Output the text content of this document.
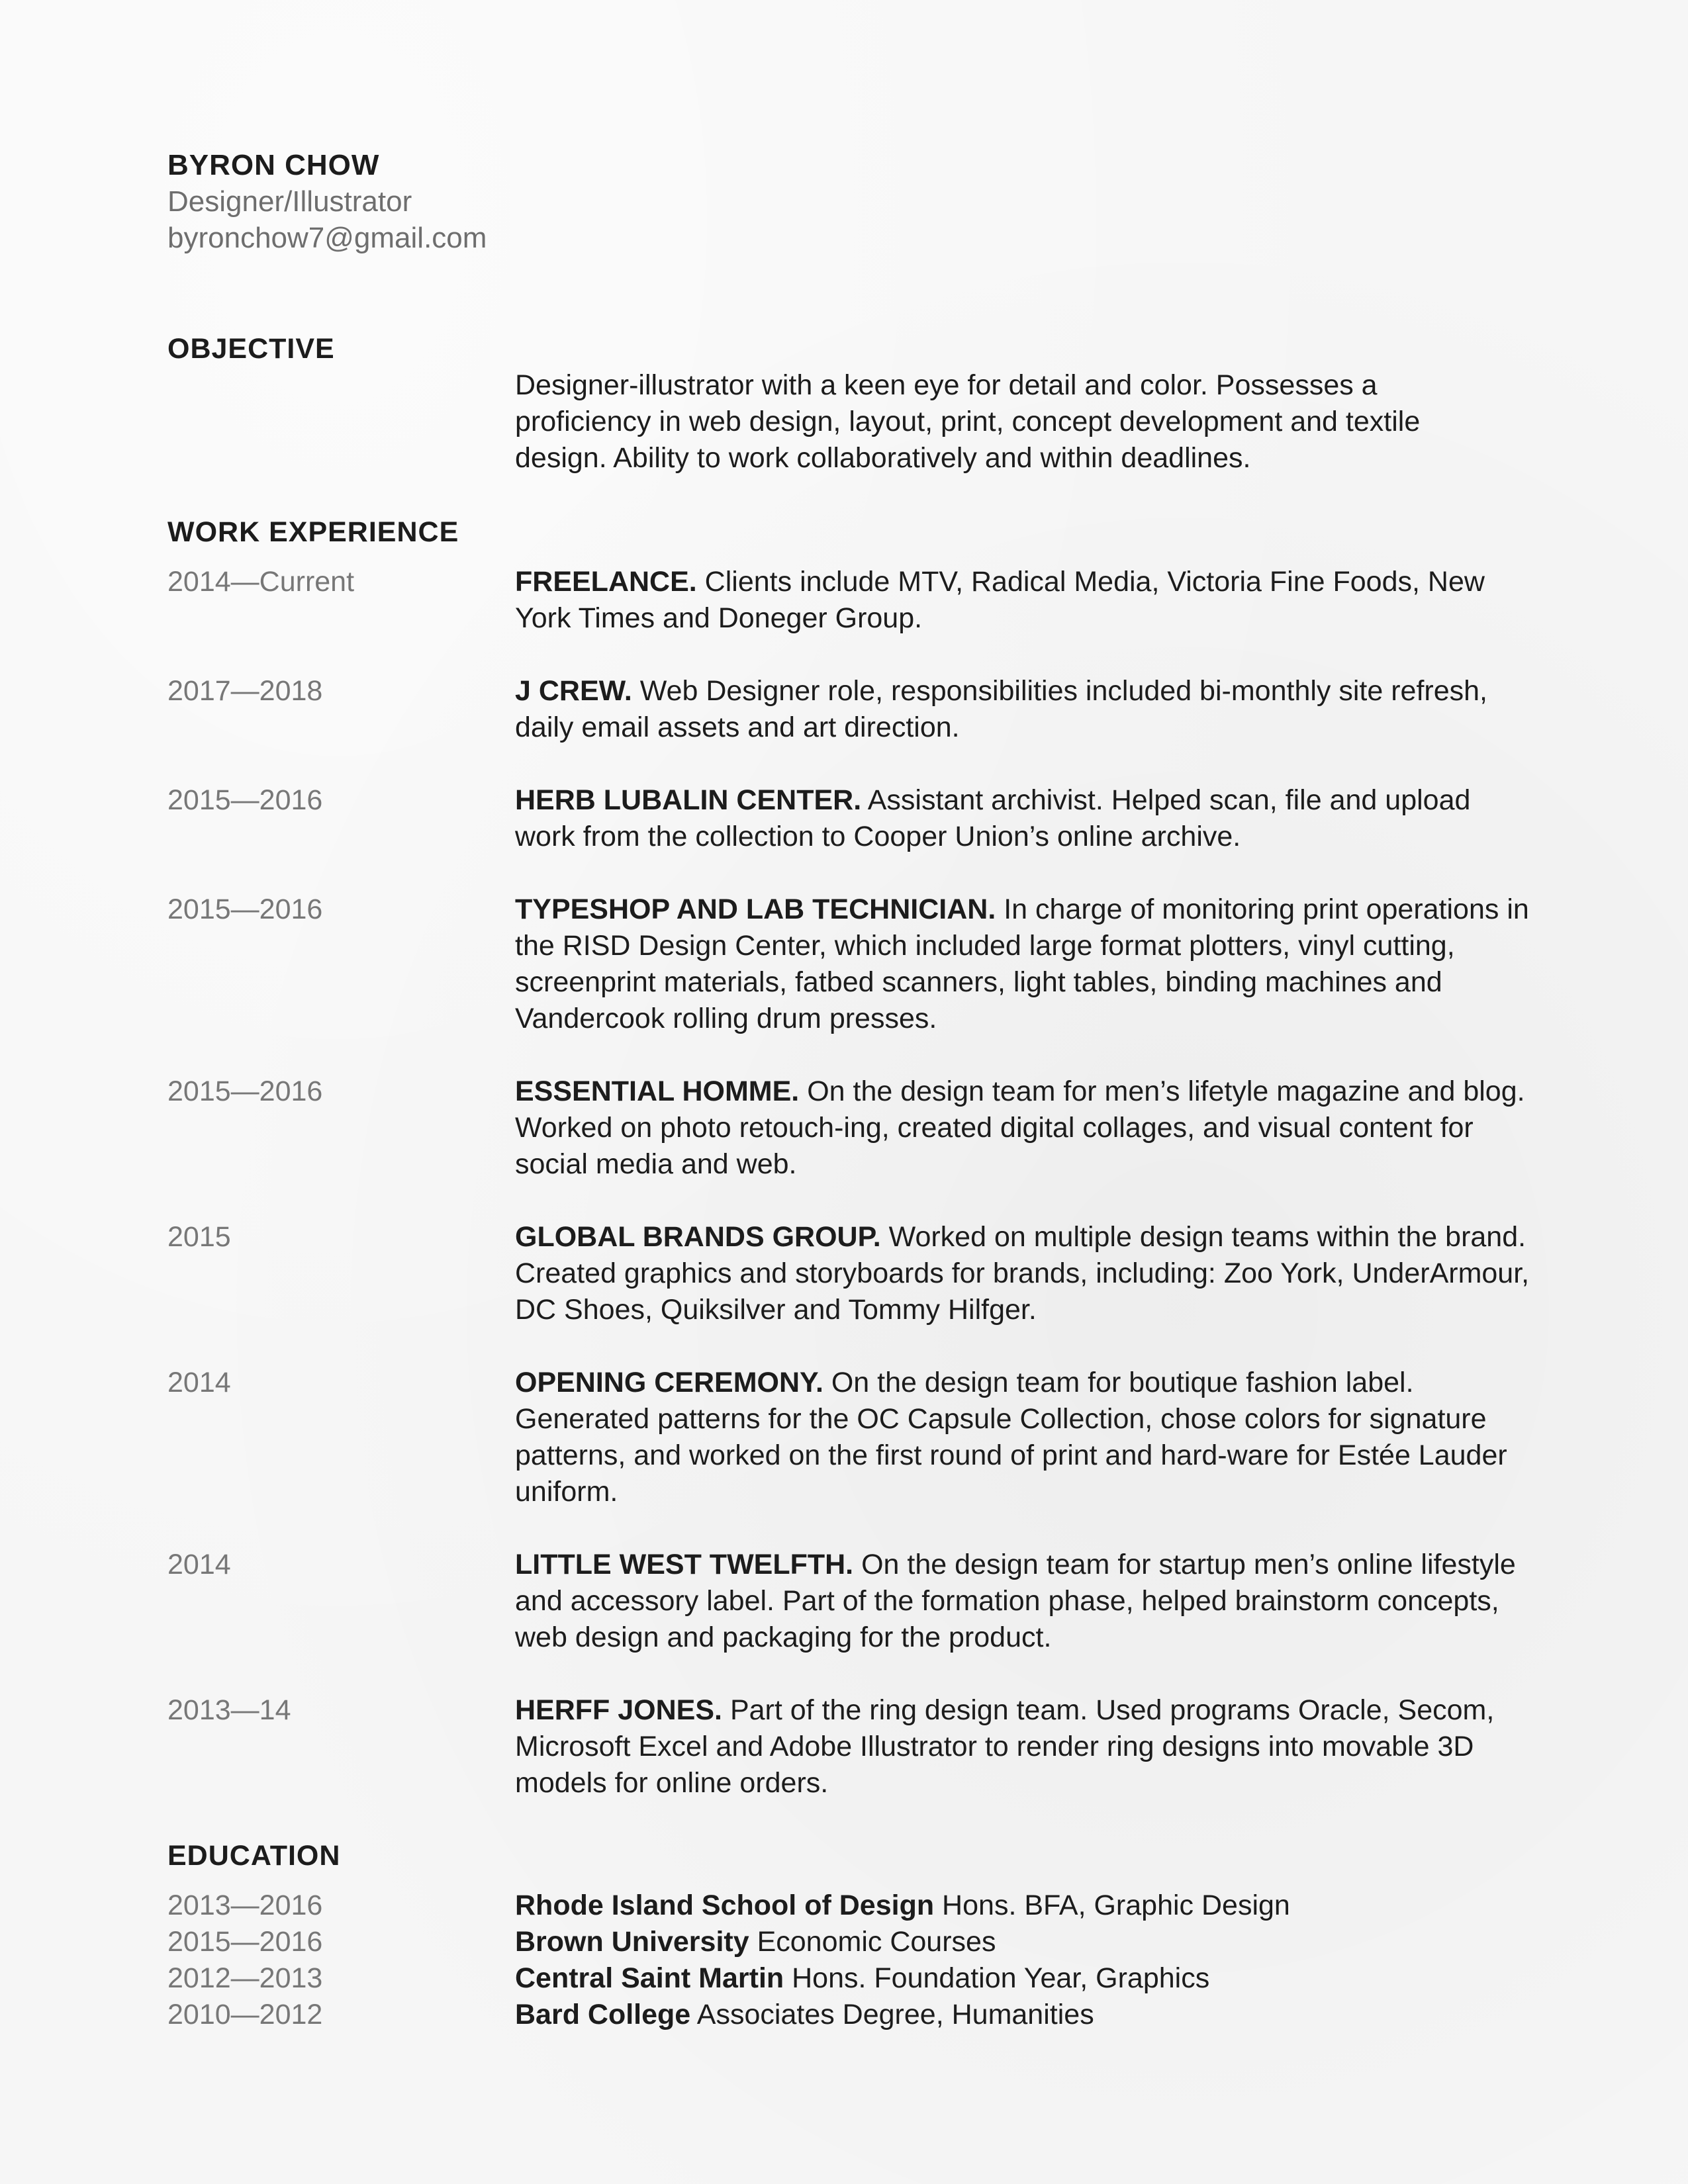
BYRON CHOW
Designer/Illustrator
byronchow7@gmail.com
OBJECTIVE
Designer-illustrator with a keen eye for detail and color. Possesses a proficiency in web design, layout, print, concept development and textile design. Ability to work collaboratively and within deadlines.
WORK EXPERIENCE
2014—Current	FREELANCE. Clients include MTV, Radical Media, Victoria Fine Foods, New York Times and Doneger Group.
2017—2018	J CREW. Web Designer role, responsibilities included bi-monthly site refresh, daily email assets and art direction.
2015—2016	HERB LUBALIN CENTER. Assistant archivist. Helped scan, file and upload work from the collection to Cooper Union’s online archive.
2015—2016	TYPESHOP AND LAB TECHNICIAN. In charge of monitoring print operations in the RISD Design Center, which included large format plotters, vinyl cutting, screenprint materials, fatbed scanners, light tables, binding machines and Vandercook rolling drum presses.
2015—2016	ESSENTIAL HOMME. On the design team for men’s lifetyle magazine and blog. Worked on photo retouch-ing, created digital collages, and visual content for social media and web.
2015	GLOBAL BRANDS GROUP. Worked on multiple design teams within the brand. Created graphics and storyboards for brands, including: Zoo York, UnderArmour, DC Shoes, Quiksilver and Tommy Hilfger.
2014	OPENING CEREMONY. On the design team for boutique fashion label. Generated patterns for the OC Capsule Collection, chose colors for signature patterns, and worked on the first round of print and hard-ware for Estée Lauder uniform.
2014	LITTLE WEST TWELFTH. On the design team for startup men’s online lifestyle and accessory label. Part of the formation phase, helped brainstorm concepts, web design and packaging for the product.
2013—14	HERFF JONES. Part of the ring design team. Used programs Oracle, Secom, Microsoft Excel and Adobe Illustrator to render ring designs into movable 3D models for online orders.
EDUCATION
2013—2016	Rhode Island School of Design Hons. BFA, Graphic Design
2015—2016	Brown University Economic Courses
2012—2013	Central Saint Martin Hons. Foundation Year, Graphics
2010—2012	Bard College Associates Degree, Humanities
